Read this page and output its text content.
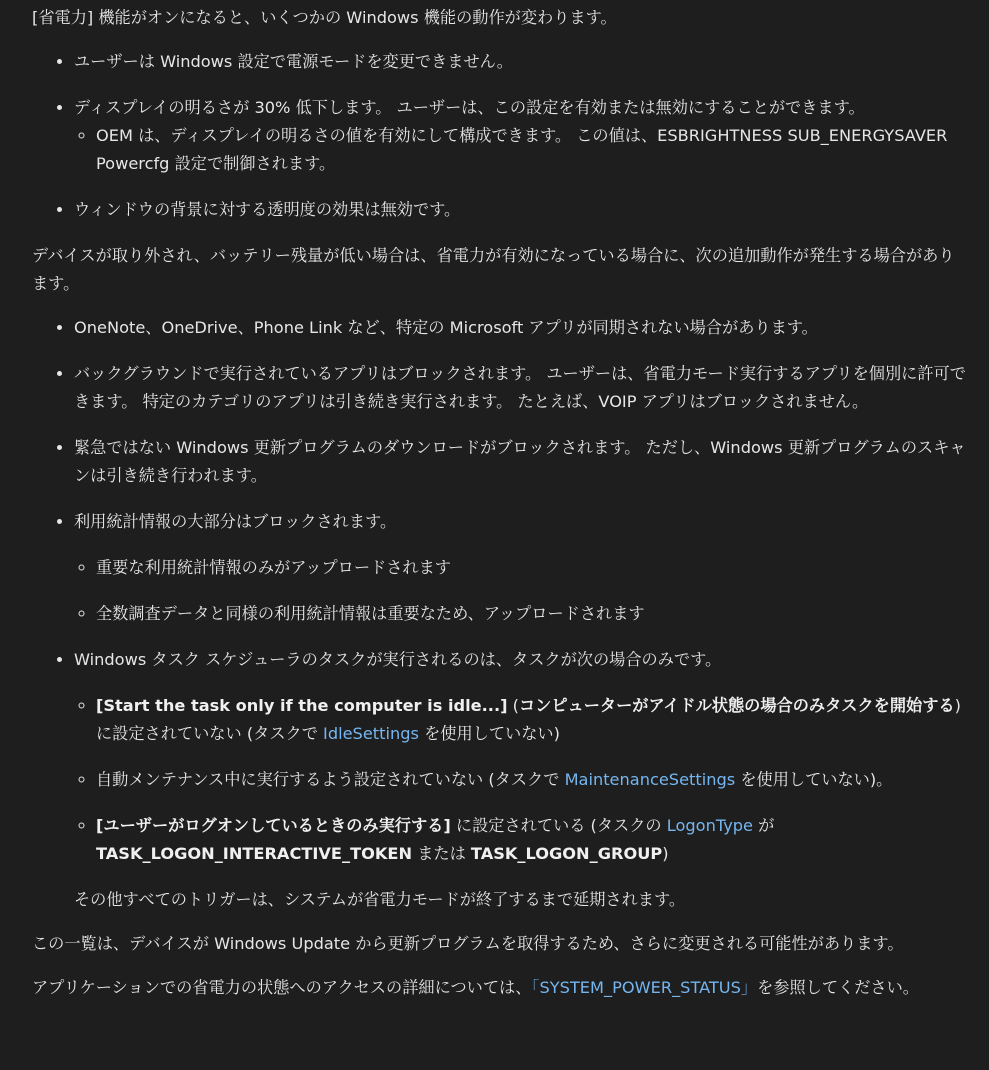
[省電力] 機能がオンになると、いくつかの Windows 機能の動作が変わります。

• ユーザーは Windows 設定で電源モードを変更できません。
• ディスプレイの明るさが 30% 低下します。 ユーザーは、この設定を有効または無効にすることができます。
◦ OEM は、ディスプレイの明るさの値を有効にして構成できます。 この値は、ESBRIGHTNESS SUB_ENERGYSAVER Powercfg 設定で制御されます。
• ウィンドウの背景に対する透明度の効果は無効です。

デバイスが取り外され、バッテリー残量が低い場合は、省電力が有効になっている場合に、次の追加動作が発生する場合があります。

• OneNote、OneDrive、Phone Link など、特定の Microsoft アプリが同期されない場合があります。
• バックグラウンドで実行されているアプリはブロックされます。 ユーザーは、省電力モード実行するアプリを個別に許可できます。 特定のカテゴリのアプリは引き続き実行されます。 たとえば、VOIP アプリはブロックされません。
• 緊急ではない Windows 更新プログラムのダウンロードがブロックされます。 ただし、Windows 更新プログラムのスキャンは引き続き行われます。
• 利用統計情報の大部分はブロックされます。
◦ 重要な利用統計情報のみがアップロードされます
◦ 全数調査データと同様の利用統計情報は重要なため、アップロードされます
• Windows タスク スケジューラのタスクが実行されるのは、タスクが次の場合のみです。
◦ [Start the task only if the computer is idle...] (コンピューターがアイドル状態の場合のみタスクを開始する) に設定されていない (タスクで IdleSettings を使用していない)
◦ 自動メンテナンス中に実行するよう設定されていない (タスクで MaintenanceSettings を使用していない)。
◦ [ユーザーがログオンしているときのみ実行する] に設定されている (タスクの LogonType が TASK_LOGON_INTERACTIVE_TOKEN または TASK_LOGON_GROUP)

その他すべてのトリガーは、システムが省電力モードが終了するまで延期されます。

この一覧は、デバイスが Windows Update から更新プログラムを取得するため、さらに変更される可能性があります。

アプリケーションでの省電力の状態へのアクセスの詳細については、「SYSTEM_POWER_STATUS」を参照してください。
